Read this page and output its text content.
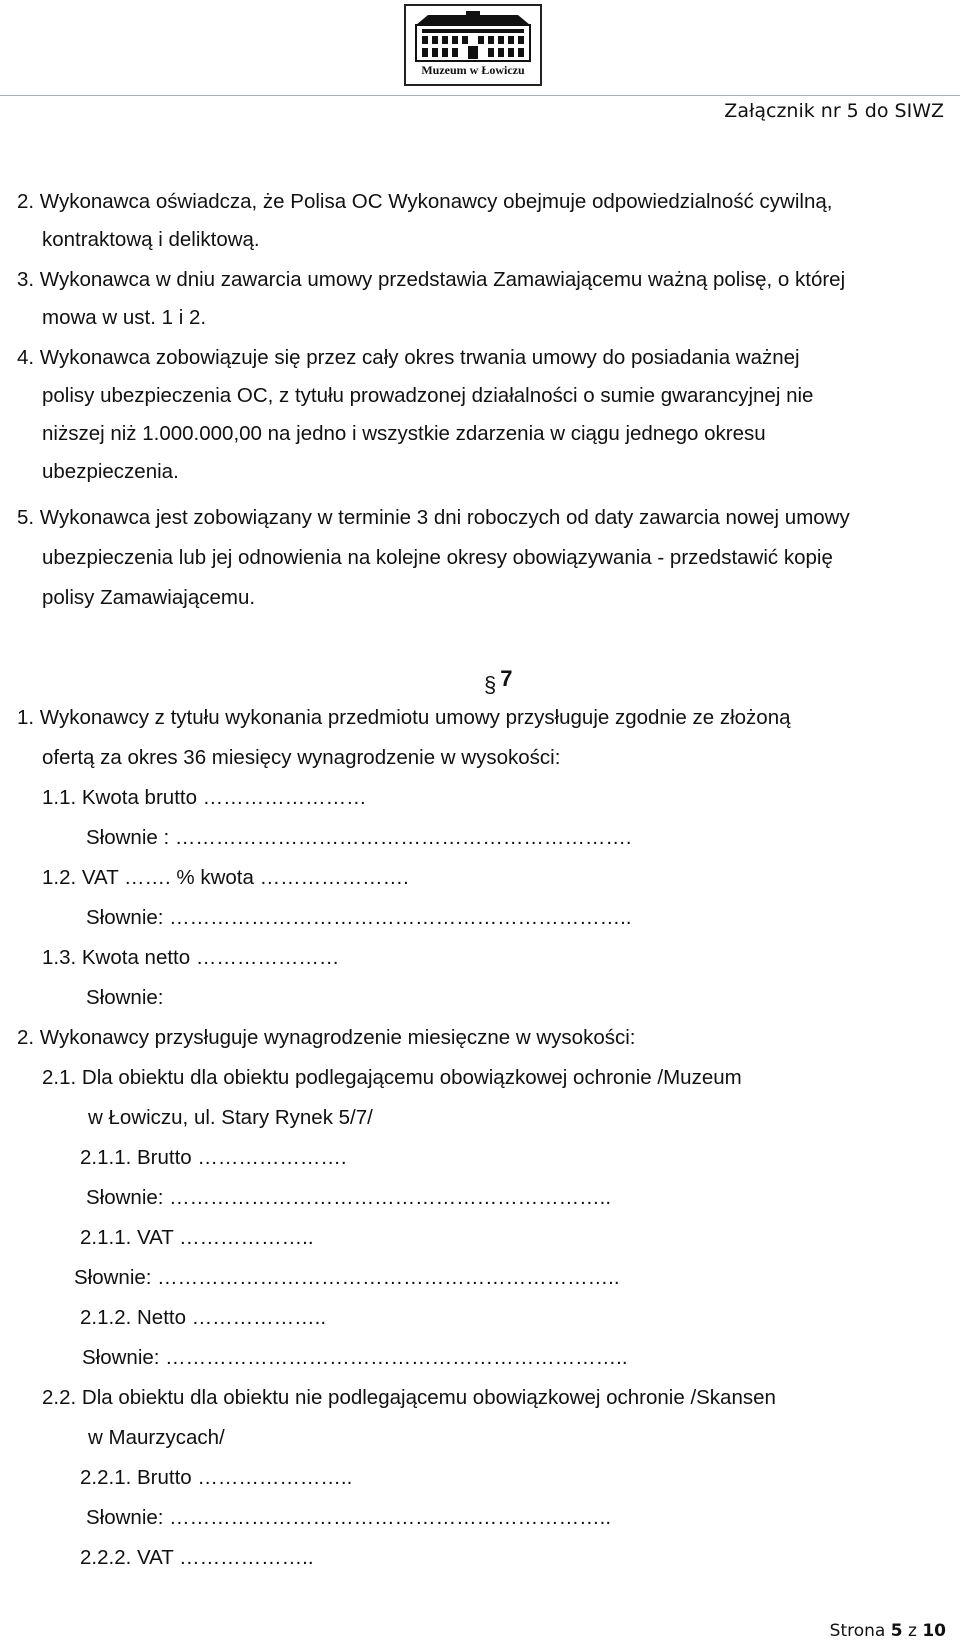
Muzeum w Łowiczu
Załącznik nr 5 do SIWZ
2. Wykonawca oświadcza, że Polisa OC Wykonawcy obejmuje odpowiedzialność cywilną,
kontraktową i deliktową.
3. Wykonawca w dniu zawarcia umowy przedstawia Zamawiającemu ważną polisę, o której
mowa w ust. 1 i 2.
4. Wykonawca zobowiązuje się przez cały okres trwania umowy do posiadania ważnej
polisy ubezpieczenia OC, z tytułu prowadzonej działalności o sumie gwarancyjnej nie
niższej niż 1.000.000,00 na jedno i wszystkie zdarzenia w ciągu jednego okresu
ubezpieczenia.
5. Wykonawca jest zobowiązany w terminie 3 dni roboczych od daty zawarcia nowej umowy
ubezpieczenia lub jej odnowienia na kolejne okresy obowiązywania - przedstawić kopię
polisy Zamawiającemu.
§ 7
1. Wykonawcy z tytułu wykonania przedmiotu umowy przysługuje zgodnie ze złożoną
ofertą za okres 36 miesięcy wynagrodzenie w wysokości:
1.1. Kwota brutto ……………………
Słownie : ………………………………………………………….
1.2. VAT ……. % kwota ………………….
Słownie: …………………………………………………………..
1.3. Kwota netto …………………
Słownie:
2. Wykonawcy przysługuje wynagrodzenie miesięczne w wysokości:
2.1. Dla obiektu dla obiektu podlegającemu obowiązkowej ochronie /Muzeum
w Łowiczu, ul. Stary Rynek 5/7/
2.1.1. Brutto ………………….
Słownie: ………………………………………………………..
2.1.1. VAT ………………..
Słownie: …………………………………………………………..
2.1.2. Netto ………………..
Słownie: …………………………………………………………..
2.2. Dla obiektu dla obiektu nie podlegającemu obowiązkowej ochronie /Skansen
w Maurzycach/
2.2.1. Brutto …………………..
Słownie: ………………………………………………………..
2.2.2. VAT ………………..
Strona 5 z 10
